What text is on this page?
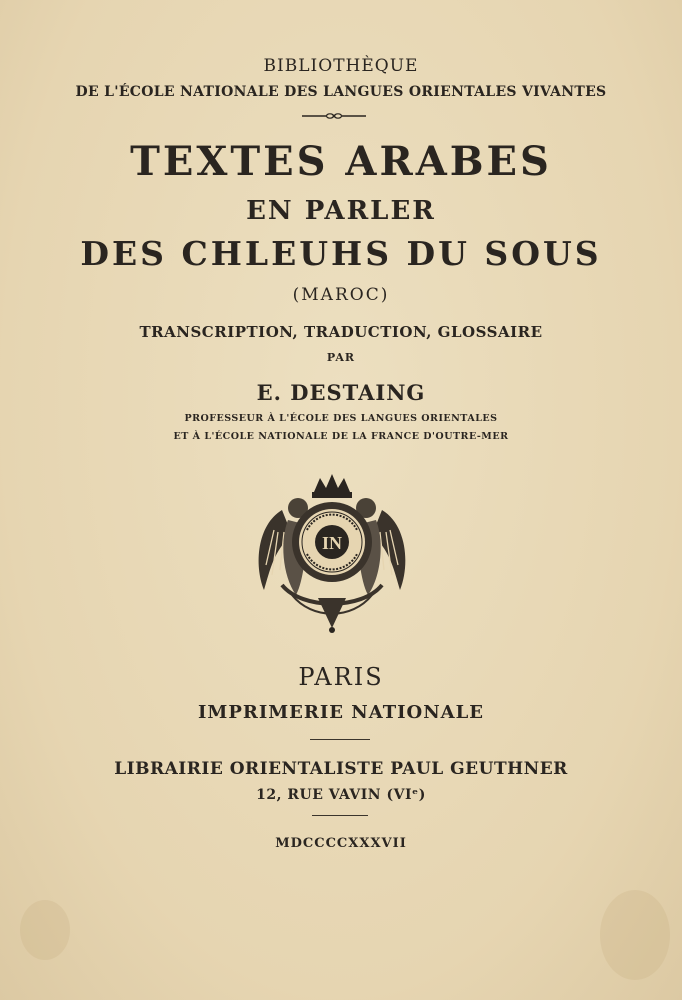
BIBLIOTHÈQUE
DE L'ÉCOLE NATIONALE DES LANGUES ORIENTALES VIVANTES
TEXTES ARABES
EN PARLER
DES CHLEUHS DU SOUS
(MAROC)
TRANSCRIPTION, TRADUCTION, GLOSSAIRE
PAR
E. DESTAING
PROFESSEUR À L'ÉCOLE DES LANGUES ORIENTALES
ET À L'ÉCOLE NATIONALE DE LA FRANCE D'OUTRE-MER
IN
PARIS
IMPRIMERIE NATIONALE
LIBRAIRIE ORIENTALISTE PAUL GEUTHNER
12, RUE VAVIN (VIᵉ)
MDCCCCXXXVII
